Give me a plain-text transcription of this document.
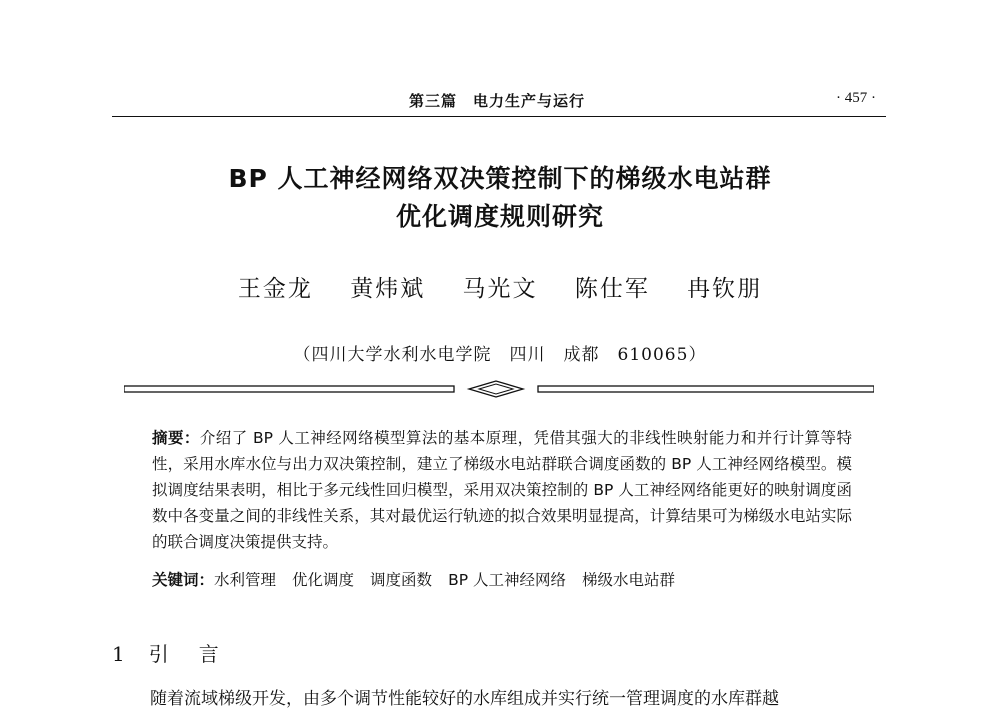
第三篇　电力生产与运行	· 457 ·
BP 人工神经网络双决策控制下的梯级水电站群
优化调度规则研究
王金龙 黄炜斌 马光文 陈仕军 冉钦朋
（四川大学水利水电学院　四川　成都　610065）
摘要：介绍了 BP 人工神经网络模型算法的基本原理，凭借其强大的非线性映射能力和并行计算等特性，采用水库水位与出力双决策控制，建立了梯级水电站群联合调度函数的 BP 人工神经网络模型。模拟调度结果表明，相比于多元线性回归模型，采用双决策控制的 BP 人工神经网络能更好的映射调度函数中各变量之间的非线性关系，其对最优运行轨迹的拟合效果明显提高，计算结果可为梯级水电站实际的联合调度决策提供支持。
关键词：水利管理 优化调度 调度函数 BP 人工神经网络 梯级水电站群
1 引言
随着流域梯级开发，由多个调节性能较好的水库组成并实行统一管理调度的水库群越
